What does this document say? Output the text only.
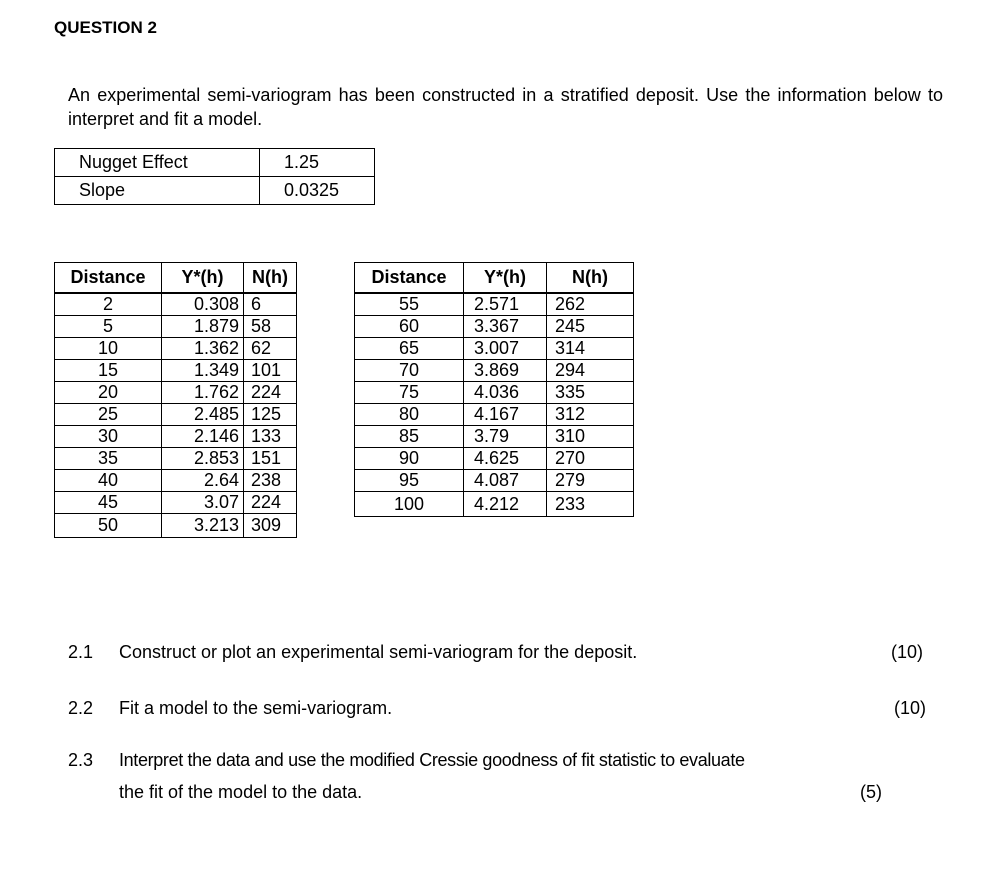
QUESTION 2
An experimental semi-variogram has been constructed in a stratified deposit. Use the information below to interpret and fit a model.
Nugget Effect	1.25
Slope	0.0325
Distance	Y*(h)	N(h)
2	0.308	6
5	1.879	58
10	1.362	62
15	1.349	101
20	1.762	224
25	2.485	125
30	2.146	133
35	2.853	151
40	2.64	238
45	3.07	224
50	3.213	309
Distance	Y*(h)	N(h)
55	2.571	262
60	3.367	245
65	3.007	314
70	3.869	294
75	4.036	335
80	4.167	312
85	3.79	310
90	4.625	270
95	4.087	279
100	4.212	233
2.1 Construct or plot an experimental semi-variogram for the deposit.	(10)
2.2 Fit a model to the semi-variogram.	(10)
2.3 Interpret the data and use the modified Cressie goodness of fit statistic to evaluate
the fit of the model to the data.	(5)
